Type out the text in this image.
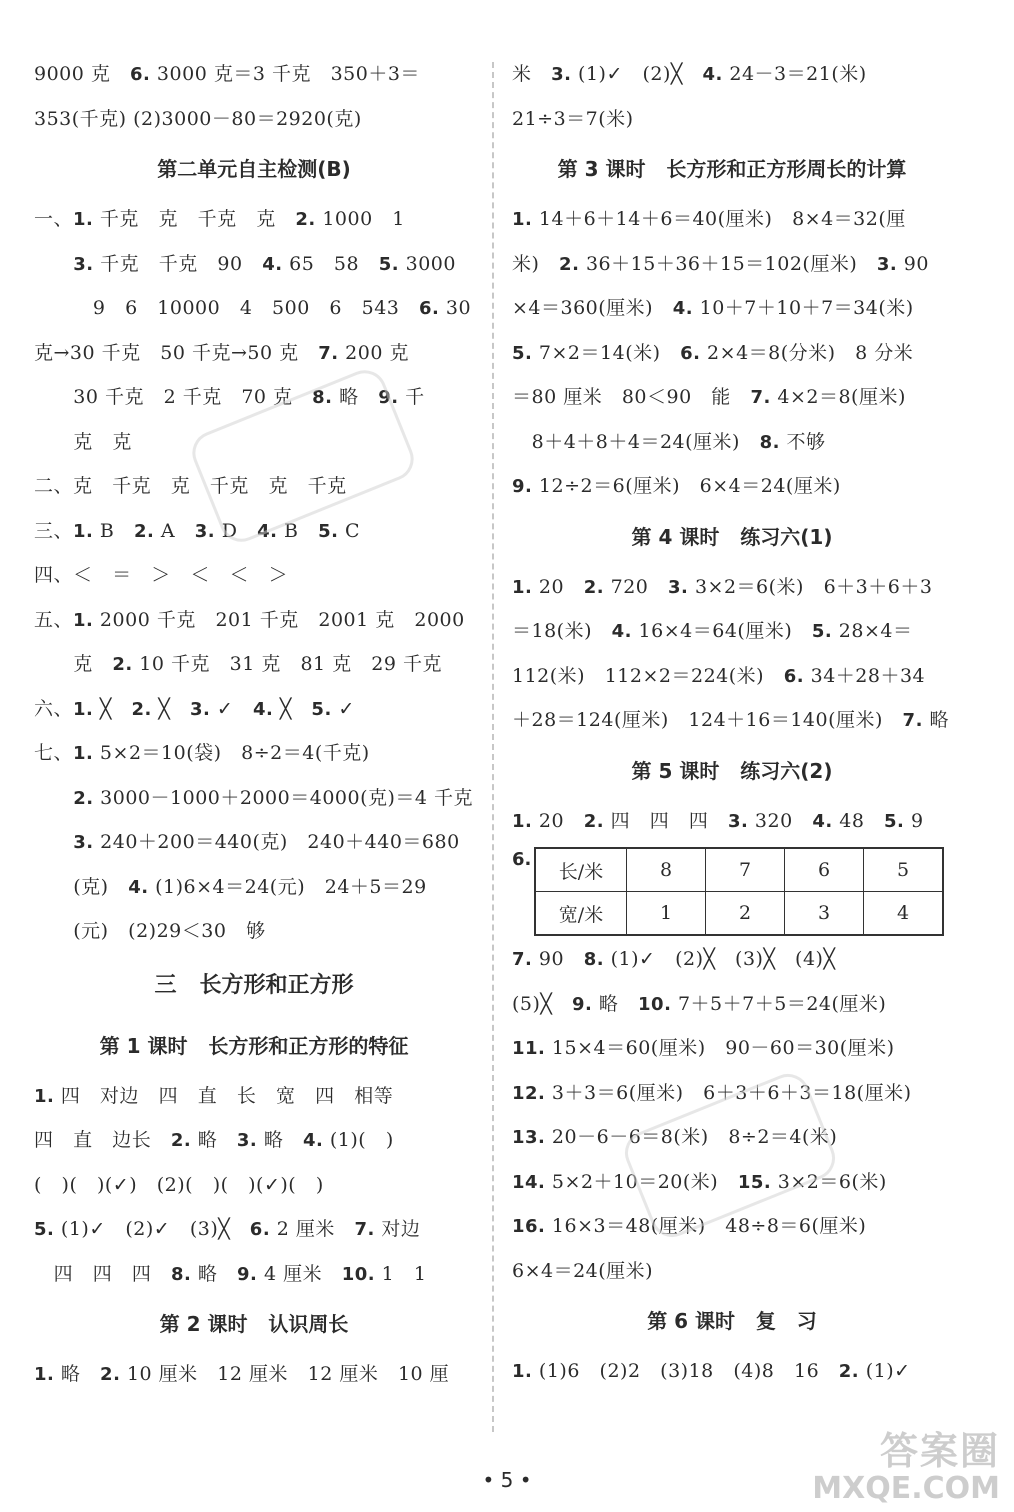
9000 克   6. 3000 克＝3 千克   350＋3＝
353(千克) (2)3000－80＝2920(克)
第二单元自主检测(B)
一、1. 千克   克   千克   克   2. 1000   1
3. 千克   千克   90   4. 65   58   5. 3000
9   6   10000   4   500   6   543   6. 30
克→30 千克   50 千克→50 克   7. 200 克
30 千克   2 千克   70 克   8. 略   9. 千
克   克
二、克   千克   克   千克   克   千克
三、1. B   2. A   3. D   4. B   5. C
四、＜   ＝   ＞   ＜   ＜   ＞
五、1. 2000 千克   201 千克   2001 克   2000
克   2. 10 千克   31 克   81 克   29 千克
六、1. ╳   2. ╳   3. ✓   4. ╳   5. ✓
七、1. 5×2＝10(袋)   8÷2＝4(千克)
2. 3000－1000＋2000＝4000(克)＝4 千克
3. 240＋200＝440(克)   240＋440＝680
(克)   4. (1)6×4＝24(元)   24＋5＝29
(元)   (2)29＜30   够
三   长方形和正方形
第 1 课时   长方形和正方形的特征
1. 四   对边   四   直   长   宽   四   相等
四   直   边长   2. 略   3. 略   4. (1)(   )
(   )(   )(✓)   (2)(   )(   )(✓)(   )
5. (1)✓   (2)✓   (3)╳   6. 2 厘米   7. 对边
四   四   四   8. 略   9. 4 厘米   10. 1   1
第 2 课时   认识周长
1. 略   2. 10 厘米   12 厘米   12 厘米   10 厘
米   3. (1)✓   (2)╳   4. 24－3＝21(米)
21÷3＝7(米)
第 3 课时   长方形和正方形周长的计算
1. 14＋6＋14＋6＝40(厘米)   8×4＝32(厘
米)   2. 36＋15＋36＋15＝102(厘米)   3. 90
×4＝360(厘米)   4. 10＋7＋10＋7＝34(米)
5. 7×2＝14(米)   6. 2×4＝8(分米)   8 分米
＝80 厘米   80＜90   能   7. 4×2＝8(厘米)
8＋4＋8＋4＝24(厘米)   8. 不够
9. 12÷2＝6(厘米)   6×4＝24(厘米)
第 4 课时   练习六(1)
1. 20   2. 720   3. 3×2＝6(米)   6＋3＋6＋3
＝18(米)   4. 16×4＝64(厘米)   5. 28×4＝
112(米)   112×2＝224(米)   6. 34＋28＋34
＋28＝124(厘米)   124＋16＝140(厘米)   7. 略
第 5 课时   练习六(2)
1. 20   2. 四   四   四   3. 320   4. 48   5. 9
6.
长/米	8	7	6	5
宽/米	1	2	3	4
7. 90   8. (1)✓   (2)╳   (3)╳   (4)╳
(5)╳   9. 略   10. 7＋5＋7＋5＝24(厘米)
11. 15×4＝60(厘米)   90－60＝30(厘米)
12. 3＋3＝6(厘米)   6＋3＋6＋3＝18(厘米)
13. 20－6－6＝8(米)   8÷2＝4(米)
14. 5×2＋10＝20(米)   15. 3×2＝6(米)
16. 16×3＝48(厘米)   48÷8＝6(厘米)
6×4＝24(厘米)
第 6 课时   复   习
1. (1)6   (2)2   (3)18   (4)8   16   2. (1)✓
• 5 •
答案圈
MXQE.COM
